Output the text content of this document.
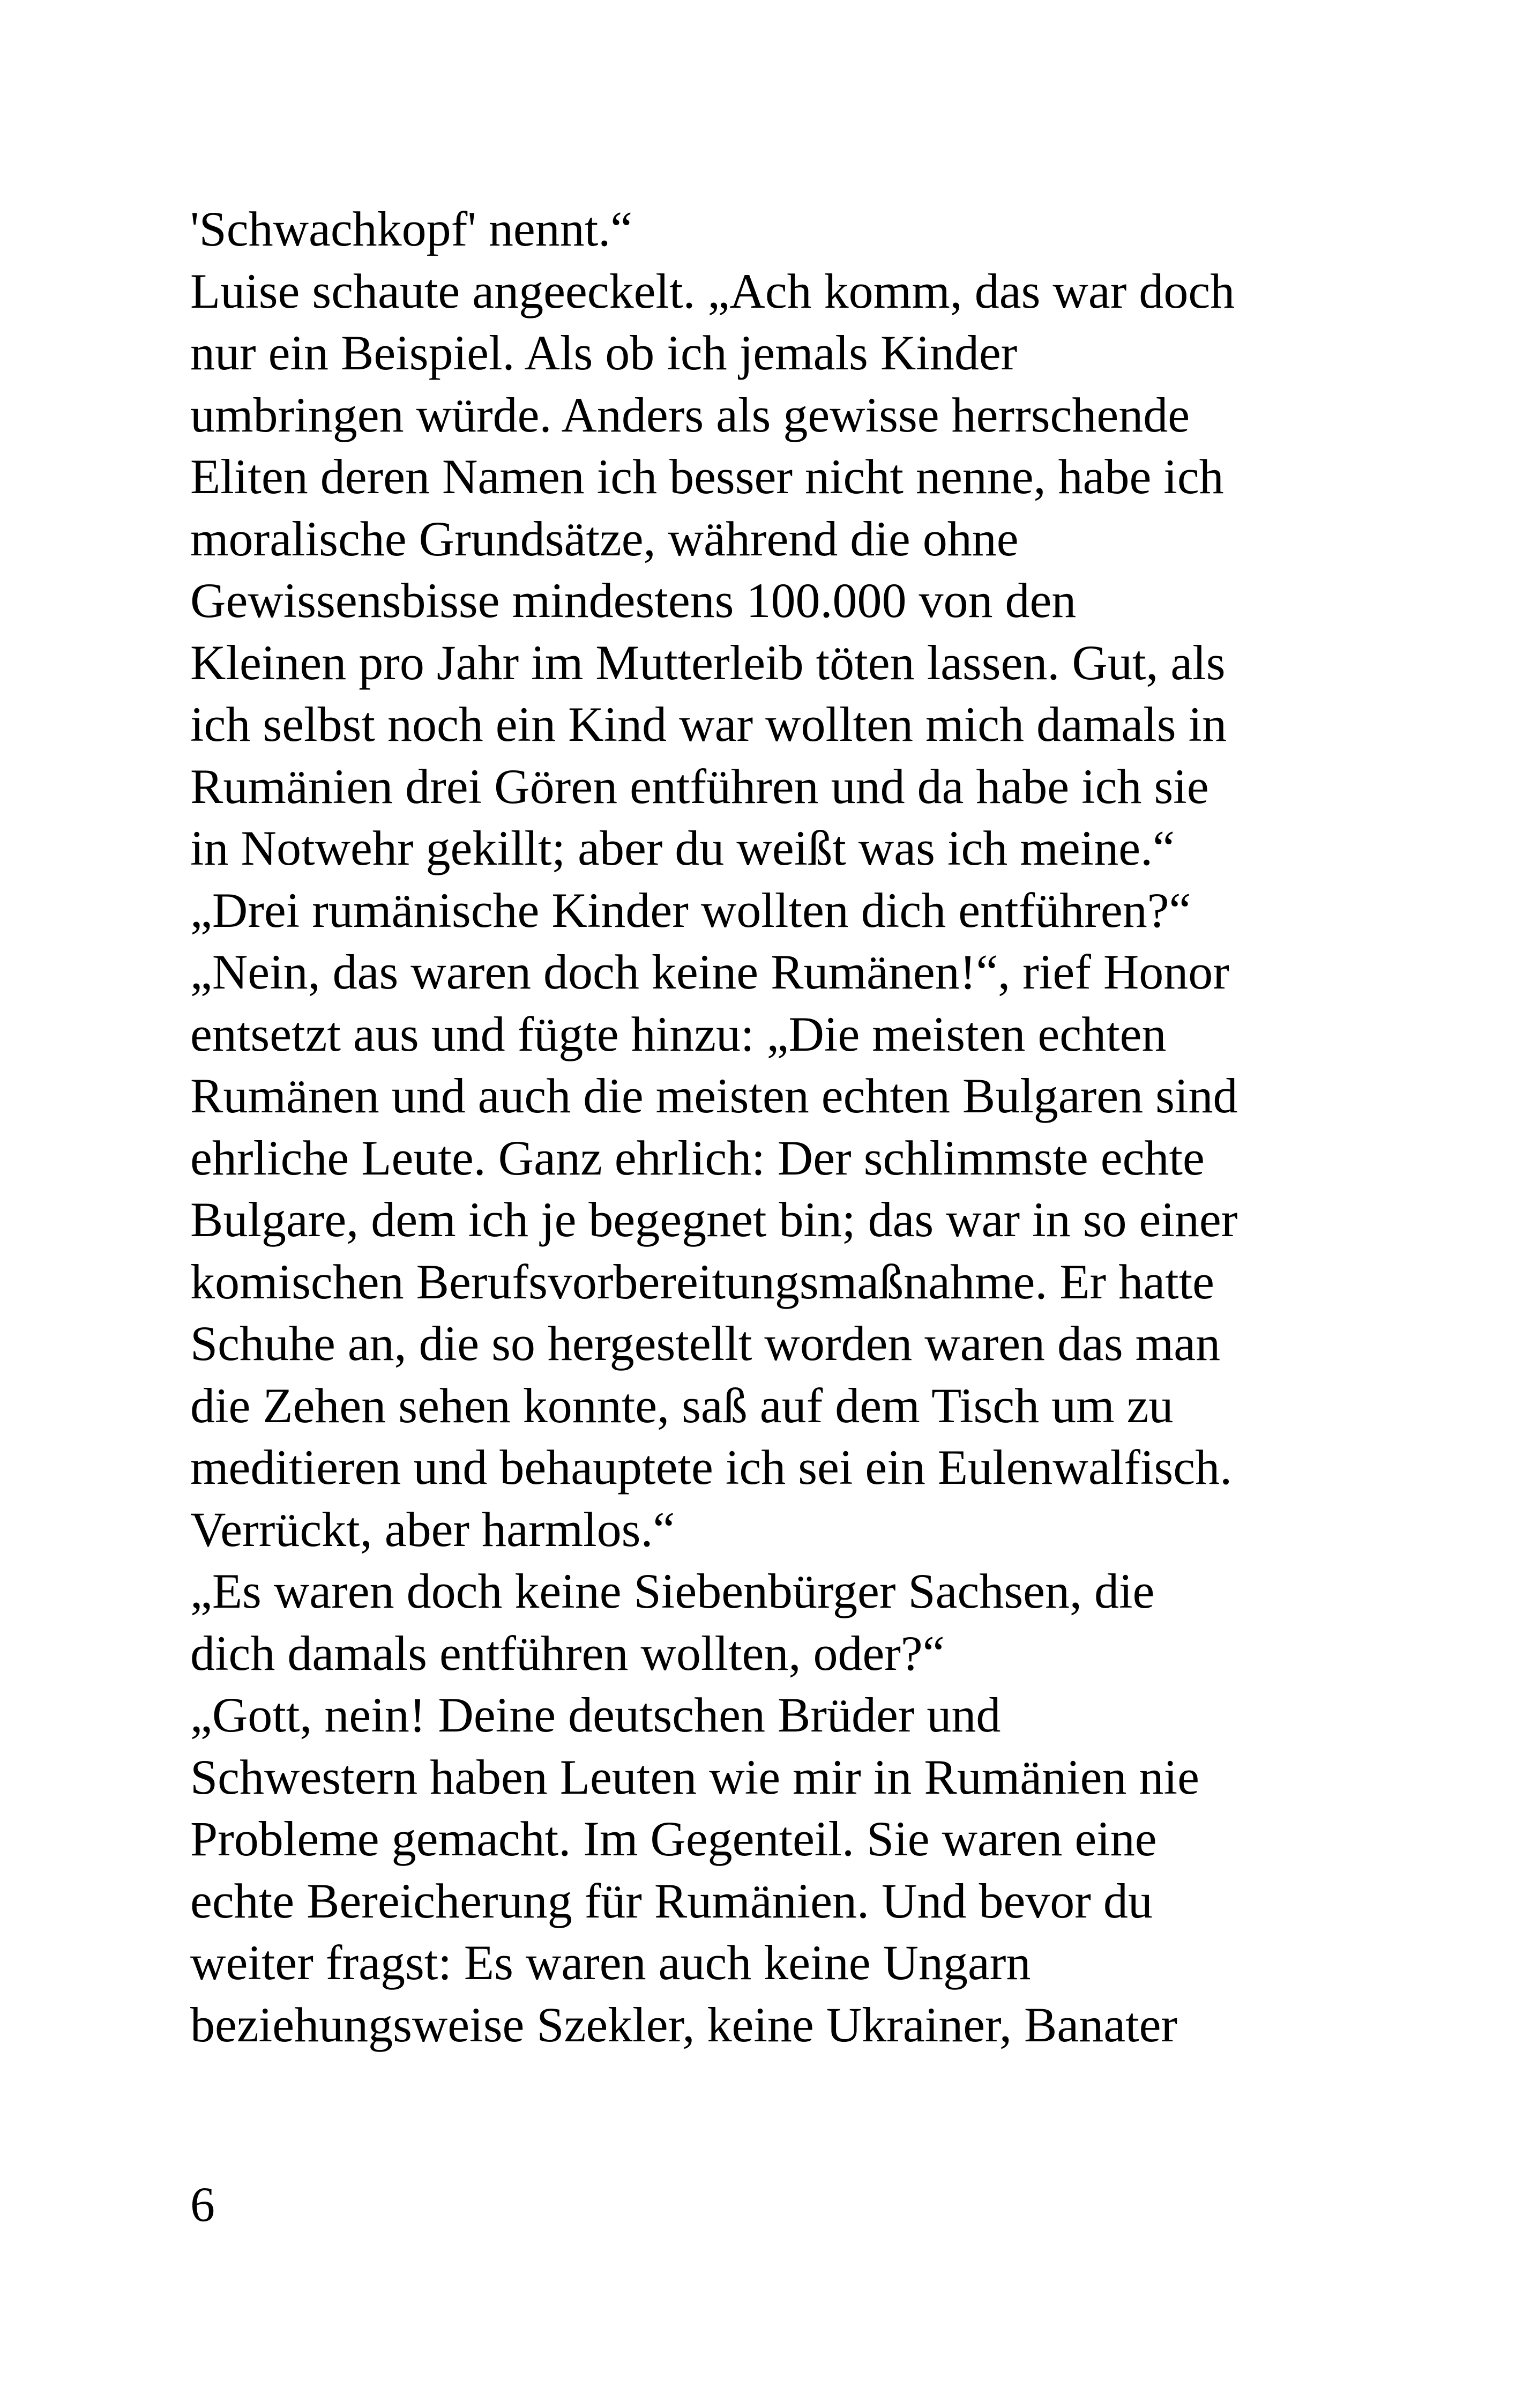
'Schwachkopf' nennt.“
Luise schaute angeeckelt. „Ach komm, das war doch
nur ein Beispiel. Als ob ich jemals Kinder
umbringen würde. Anders als gewisse herrschende
Eliten deren Namen ich besser nicht nenne, habe ich
moralische Grundsätze, während die ohne
Gewissensbisse mindestens 100.000 von den
Kleinen pro Jahr im Mutterleib töten lassen. Gut, als
ich selbst noch ein Kind war wollten mich damals in
Rumänien drei Gören entführen und da habe ich sie
in Notwehr gekillt; aber du weißt was ich meine.“
„Drei rumänische Kinder wollten dich entführen?“
„Nein, das waren doch keine Rumänen!“, rief Honor
entsetzt aus und fügte hinzu: „Die meisten echten
Rumänen und auch die meisten echten Bulgaren sind
ehrliche Leute. Ganz ehrlich: Der schlimmste echte
Bulgare, dem ich je begegnet bin; das war in so einer
komischen Berufsvorbereitungsmaßnahme. Er hatte
Schuhe an, die so hergestellt worden waren das man
die Zehen sehen konnte, saß auf dem Tisch um zu
meditieren und behauptete ich sei ein Eulenwalfisch.
Verrückt, aber harmlos.“
„Es waren doch keine Siebenbürger Sachsen, die
dich damals entführen wollten, oder?“
„Gott, nein! Deine deutschen Brüder und
Schwestern haben Leuten wie mir in Rumänien nie
Probleme gemacht. Im Gegenteil. Sie waren eine
echte Bereicherung für Rumänien. Und bevor du
weiter fragst: Es waren auch keine Ungarn
beziehungsweise Szekler, keine Ukrainer, Banater
6
